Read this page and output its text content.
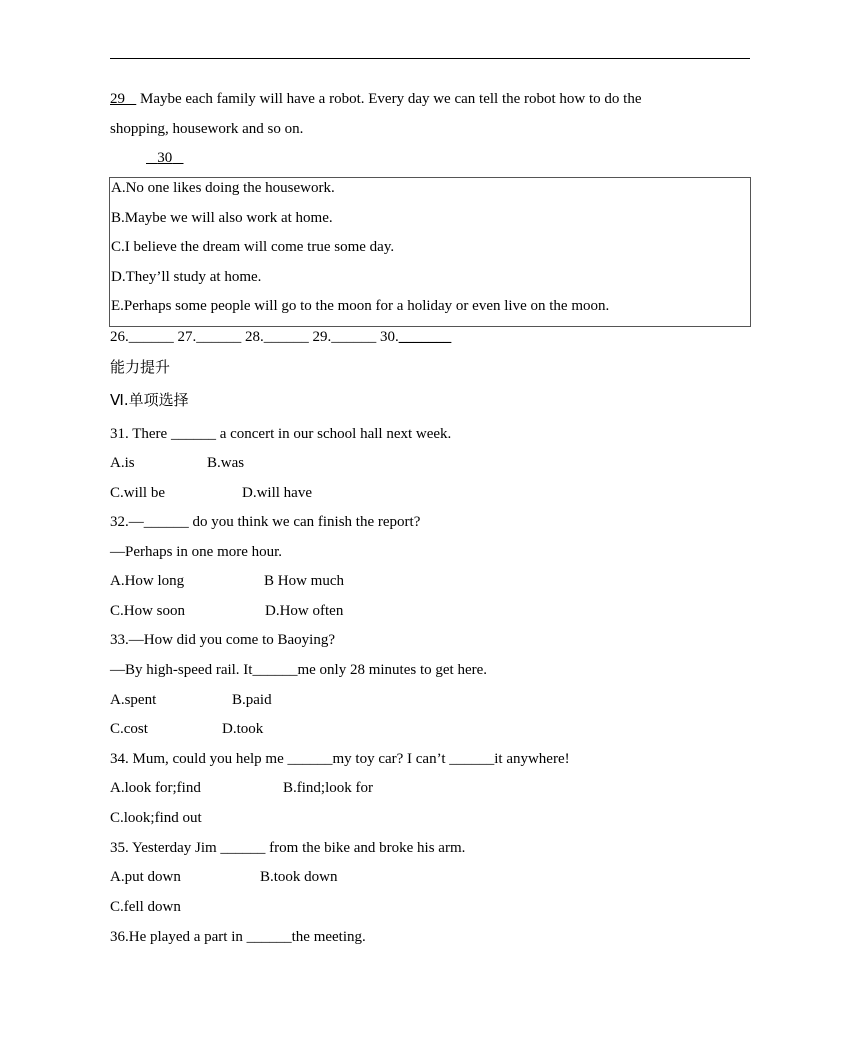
29    Maybe each family will have a robot. Every day we can tell the robot how to do the
shopping, housework and so on.
30
A.No one likes doing the housework.
B.Maybe we will also work at home.
C.I believe the dream will come true some day.
D.They’ll study at home.
E.Perhaps some people will go to the moon for a holiday or even live on the moon.
26.______ 27.______ 28.______ 29.______ 30._______
能力提升
Ⅵ.单项选择
31. There ______ a concert in our school hall next week.
A.is	B.was
C.will be	D.will have
32.—______ do you think we can finish the report?
—Perhaps in one more hour.
A.How long	B How much
C.How soon	D.How often
33.—How did you come to Baoying?
—By high-speed rail. It______me only 28 minutes to get here.
A.spent	B.paid
C.cost	D.took
34. Mum, could you help me ______my toy car? I can’t ______it anywhere!
A.look for;find	B.find;look for
C.look;find out
35. Yesterday Jim ______ from the bike and broke his arm.
A.put down	B.took down
C.fell down
36.He played a part in ______the meeting.
